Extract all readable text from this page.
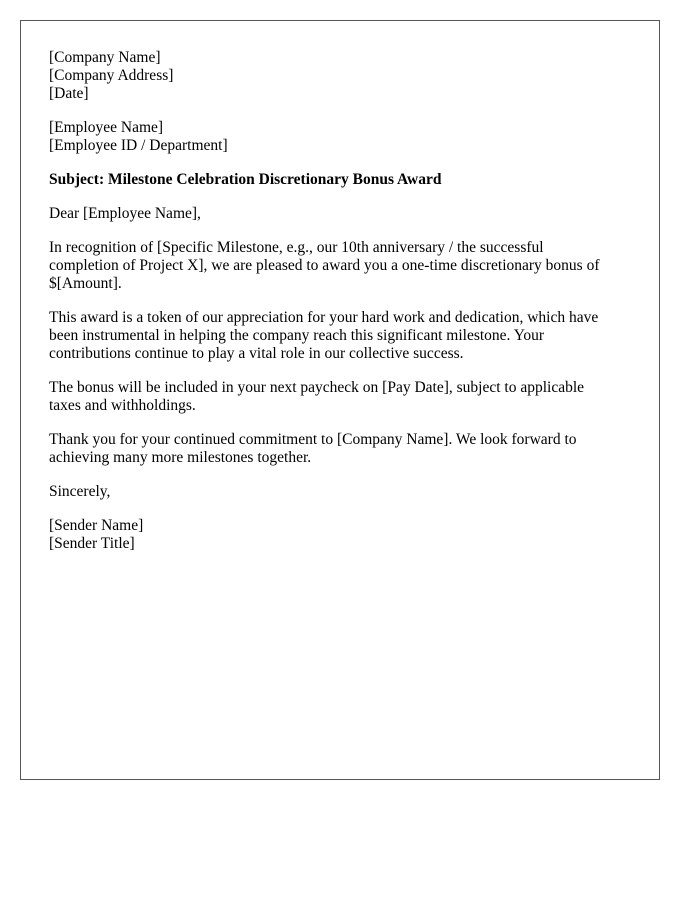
[Company Name]
[Company Address]
[Date]
[Employee Name]
[Employee ID / Department]

Subject: Milestone Celebration Discretionary Bonus Award

Dear [Employee Name],

In recognition of [Specific Milestone, e.g., our 10th anniversary / the successful
completion of Project X], we are pleased to award you a one-time discretionary bonus of
$[Amount].

This award is a token of our appreciation for your hard work and dedication, which have
been instrumental in helping the company reach this significant milestone. Your
contributions continue to play a vital role in our collective success.

The bonus will be included in your next paycheck on [Pay Date], subject to applicable
taxes and withholdings.

Thank you for your continued commitment to [Company Name]. We look forward to
achieving many more milestones together.

Sincerely,

[Sender Name]
[Sender Title]
